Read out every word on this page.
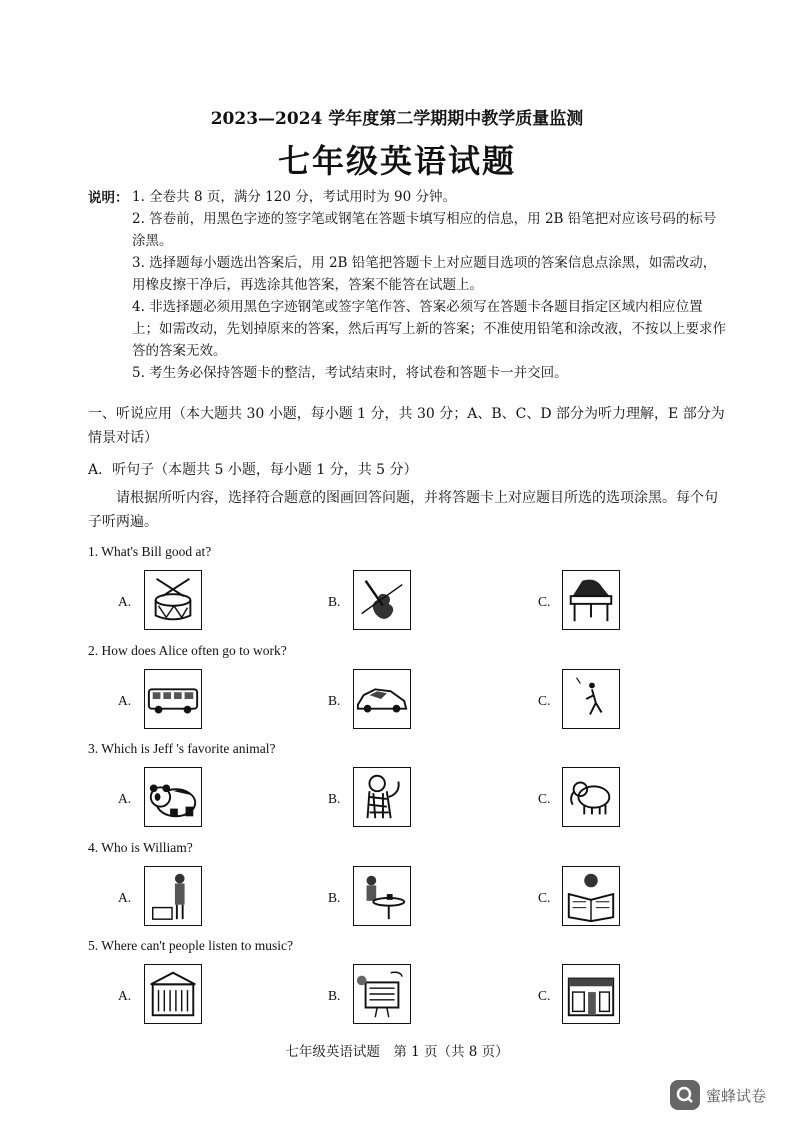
2023—2024 学年度第二学期期中教学质量监测
七年级英语试题
说明： 1. 全卷共 8 页，满分 120 分，考试用时为 90 分钟。
2. 答卷前，用黑色字迹的签字笔或钢笔在答题卡填写相应的信息，用 2B 铅笔把对应该号码的标号涂黑。
3. 选择题每小题选出答案后，用 2B 铅笔把答题卡上对应题目选项的答案信息点涂黑，如需改动，用橡皮擦干净后，再选涂其他答案，答案不能答在试题上。
4. 非选择题必须用黑色字迹钢笔或签字笔作答、答案必须写在答题卡各题目指定区域内相应位置上；如需改动，先划掉原来的答案，然后再写上新的答案；不准使用铅笔和涂改液，不按以上要求作答的答案无效。
5. 考生务必保持答题卡的整洁，考试结束时，将试卷和答题卡一并交回。
一、听说应用（本大题共 30 小题，每小题 1 分，共 30 分；A、B、C、D 部分为听力理解，E 部分为情景对话）
A．听句子（本题共 5 小题，每小题 1 分，共 5 分）
请根据所听内容，选择符合题意的图画回答问题，并将答题卡上对应题目所选的选项涂黑。每个句子听两遍。
1. What's Bill good at?
A.	B.	C.
2. How does Alice often go to work?
A.	B.	C.
3. Which is Jeff 's favorite animal?
A.	B.	C.
4. Who is William?
A.	B.	C.
5. Where can't people listen to music?
A.	B.	C.
七年级英语试题　第 1 页（共 8 页）
蜜蜂试卷
